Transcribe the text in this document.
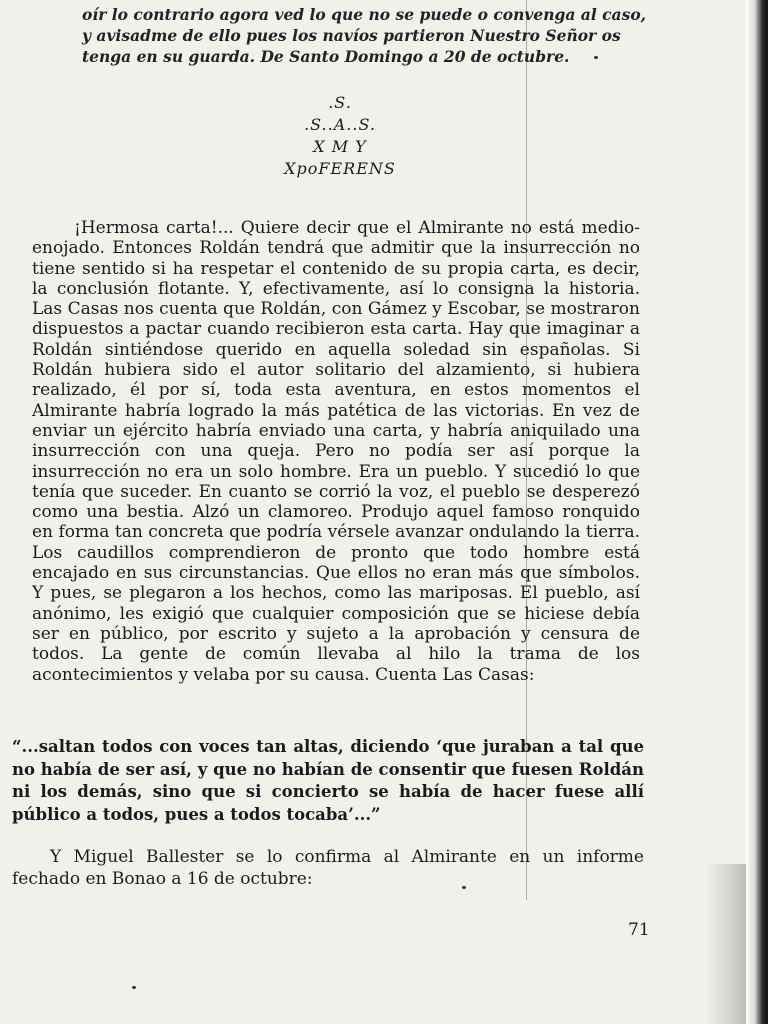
oír lo contrario agora ved lo que no se puede o convenga al caso, y avisadme de ello pues los navíos partieron Nuestro Señor os tenga en su guarda. De Santo Domingo a 20 de octubre.
.S.
.S..A..S.
X M Y
XpoFERENS
¡Hermosa carta!... Quiere decir que el Almirante no está medio-enojado. Entonces Roldán tendrá que admitir que la insurrección no tiene sentido si ha respetar el contenido de su propia carta, es decir, la conclusión flotante. Y, efectivamente, así lo consigna la historia. Las Casas nos cuenta que Roldán, con Gámez y Escobar, se mostraron dispuestos a pactar cuando recibieron esta carta. Hay que imaginar a Roldán sintiéndose querido en aquella soledad sin españolas. Si Roldán hubiera sido el autor solitario del alzamiento, si hubiera realizado, él por sí, toda esta aventura, en estos momentos el Almirante habría logrado la más patética de las victorias. En vez de enviar un ejército habría enviado una carta, y habría aniquilado una insurrección con una queja. Pero no podía ser así porque la insurrección no era un solo hombre. Era un pueblo. Y sucedió lo que tenía que suceder. En cuanto se corrió la voz, el pueblo se desperezó como una bestia. Alzó un clamoreo. Produjo aquel famoso ronquido en forma tan concreta que podría vérsele avanzar ondulando la tierra. Los caudillos comprendieron de pronto que todo hombre está encajado en sus circunstancias. Que ellos no eran más que símbolos. Y pues, se plegaron a los hechos, como las mariposas. El pueblo, así anónimo, les exigió que cualquier composición que se hiciese debía ser en público, por escrito y sujeto a la aprobación y censura de todos. La gente de común llevaba al hilo la trama de los acontecimientos y velaba por su causa. Cuenta Las Casas:
“...saltan todos con voces tan altas, diciendo ‘que juraban a tal que no había de ser así, y que no habían de consentir que fuesen Roldán ni los demás, sino que si concierto se había de hacer fuese allí público a todos, pues a todos tocaba’...”
Y Miguel Ballester se lo confirma al Almirante en un informe fechado en Bonao a 16 de octubre:
71
